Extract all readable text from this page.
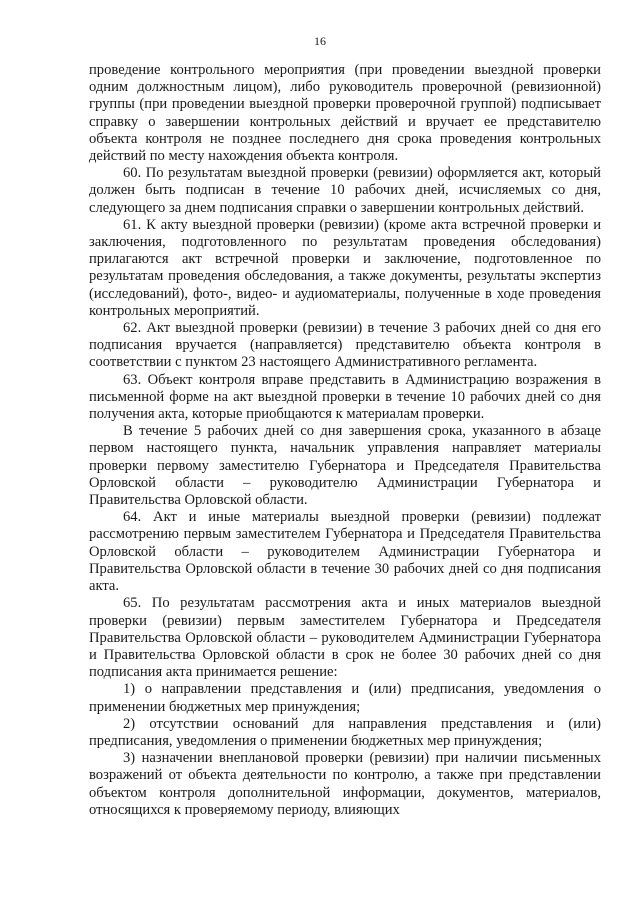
16

проведение контрольного мероприятия (при проведении выездной проверки одним должностным лицом), либо руководитель проверочной (ревизионной) группы (при проведении выездной проверки проверочной группой) подписывает справку о завершении контрольных действий и вручает ее представителю объекта контроля не позднее последнего дня срока проведения контрольных действий по месту нахождения объекта контроля.

60. По результатам выездной проверки (ревизии) оформляется акт, который должен быть подписан в течение 10 рабочих дней, исчисляемых со дня, следующего за днем подписания справки о завершении контрольных действий.

61. К акту выездной проверки (ревизии) (кроме акта встречной проверки и заключения, подготовленного по результатам проведения обследования) прилагаются акт встречной проверки и заключение, подготовленное по результатам проведения обследования, а также документы, результаты экспертиз (исследований), фото-, видео- и аудиоматериалы, полученные в ходе проведения контрольных мероприятий.

62. Акт выездной проверки (ревизии) в течение 3 рабочих дней со дня его подписания вручается (направляется) представителю объекта контроля в соответствии с пунктом 23 настоящего Административного регламента.

63. Объект контроля вправе представить в Администрацию возражения в письменной форме на акт выездной проверки в течение 10 рабочих дней со дня получения акта, которые приобщаются к материалам проверки.

В течение 5 рабочих дней со дня завершения срока, указанного в абзаце первом настоящего пункта, начальник управления направляет материалы проверки первому заместителю Губернатора и Председателя Правительства Орловской области – руководителю Администрации Губернатора и Правительства Орловской области.

64. Акт и иные материалы выездной проверки (ревизии) подлежат рассмотрению первым заместителем Губернатора и Председателя Правительства Орловской области – руководителем Администрации Губернатора и Правительства Орловской области в течение 30 рабочих дней со дня подписания акта.

65. По результатам рассмотрения акта и иных материалов выездной проверки (ревизии) первым заместителем Губернатора и Председателя Правительства Орловской области – руководителем Администрации Губернатора и Правительства Орловской области в срок не более 30 рабочих дней со дня подписания акта принимается решение:

1) о направлении представления и (или) предписания, уведомления о применении бюджетных мер принуждения;

2) отсутствии оснований для направления представления и (или) предписания, уведомления о применении бюджетных мер принуждения;

3) назначении внеплановой проверки (ревизии) при наличии письменных возражений от объекта деятельности по контролю, а также при представлении объектом контроля дополнительной информации, документов, материалов, относящихся к проверяемому периоду, влияющих
